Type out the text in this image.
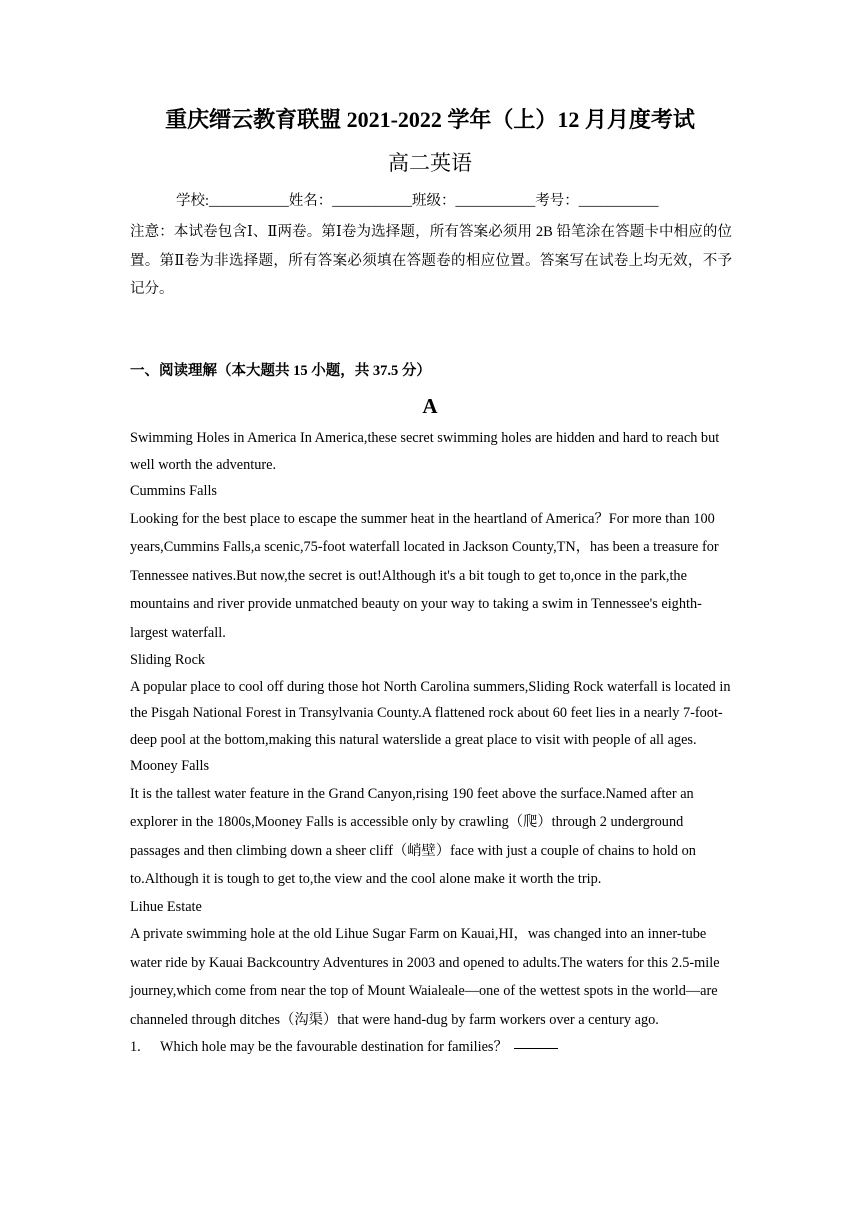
重庆缙云教育联盟 2021-2022 学年（上）12 月月度考试
高二英语
学校:___________姓名：___________班级：___________考号：___________
注意：本试卷包含Ⅰ、Ⅱ两卷。第Ⅰ卷为选择题，所有答案必须用 2B 铅笔涂在答题卡中相应的位置。第Ⅱ卷为非选择题，所有答案必须填在答题卷的相应位置。答案写在试卷上均无效，不予记分。
一、阅读理解（本大题共 15 小题，共 37.5 分）
A

Swimming Holes in America In America,these secret swimming holes are hidden and hard to reach but well worth the adventure.

Cummins Falls

Looking for the best place to escape the summer heat in the heartland of America？For more than 100 years,Cummins Falls,a scenic,75-foot waterfall located in Jackson County,TN，has been a treasure for Tennessee natives.But now,the secret is out!Although it's a bit tough to get to,once in the park,the mountains and river provide unmatched beauty on your way to taking a swim in Tennessee's eighth-largest waterfall.

Sliding Rock

A popular place to cool off during those hot North Carolina summers,Sliding Rock waterfall is located in the Pisgah National Forest in Transylvania County.A flattened rock about 60 feet lies in a nearly 7-foot-deep pool at the bottom,making this natural waterslide a great place to visit with people of all ages.

Mooney Falls

It is the tallest water feature in the Grand Canyon,rising 190 feet above the surface.Named after an explorer in the 1800s,Mooney Falls is accessible only by crawling（爬）through 2 underground passages and then climbing down a sheer cliff（峭壁）face with just a couple of chains to hold on to.Although it is tough to get to,the view and the cool alone make it worth the trip.

Lihue Estate

A private swimming hole at the old Lihue Sugar Farm on Kauai,HI，was changed into an inner-tube water ride by Kauai Backcountry Adventures in 2003 and opened to adults.The waters for this 2.5-mile journey,which come from near the top of Mount Waialeale—one of the wettest spots in the world—are channeled through ditches（沟渠）that were hand-dug by farm workers over a century ago.

1.	Which hole may be the favourable destination for families？
